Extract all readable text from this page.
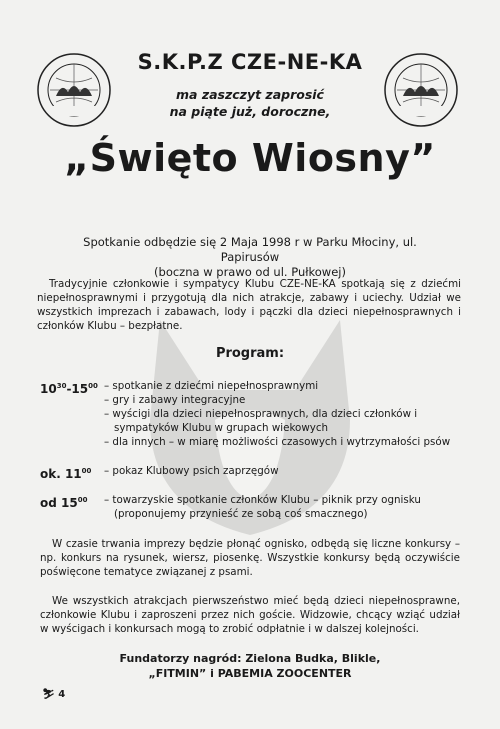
S.K.P.Z CZE-NE-KA
ma zaszczyt zaprosić
na piąte już, doroczne,
„Święto Wiosny”
Spotkanie odbędzie się 2 Maja 1998 r w Parku Młociny, ul. Papirusów
(boczna w prawo od ul. Pułkowej)
Tradycyjnie członkowie i sympatycy Klubu CZE-NE-KA spotkają się z dziećmi niepełnosprawnymi i przygotują dla nich atrakcje, zabawy i uciechy. Udział we wszystkich imprezach i zabawach, lody i pączki dla dzieci niepełnosprawnych i członków Klubu – bezpłatne.
Program:
$10^{30}-15^{00}$ – spotkanie z dziećmi niepełnosprawnymi
– gry i zabawy integracyjne
– wyścigi dla dzieci niepełnosprawnych, dla dzieci członków i sympatyków Klubu w grupach wiekowych
– dla innych – w miarę możliwości czasowych i wytrzymałości psów
ok. $11^{00}$	– pokaz Klubowy psich zaprzęgów
od $15^{00}$	– towarzyskie spotkanie członków Klubu – piknik przy ognisku (proponujemy przynieść ze sobą coś smacznego)
W czasie trwania imprezy będzie płonąć ognisko, odbędą się liczne konkursy – np. konkurs na rysunek, wiersz, piosenkę. Wszystkie konkursy będą oczywiście poświęcone tematyce związanej z psami.
We wszystkich atrakcjach pierwszeństwo mieć będą dzieci niepełnosprawne, członkowie Klubu i zaproszeni przez nich goście. Widzowie, chcący wziąć udział w wyścigach i konkursach mogą to zrobić odpłatnie i w dalszej kolejności.
Fundatorzy nagród: Zielona Budka, Blikle,
„FITMIN” i PABEMIA ZOOCENTER
⛷ 4
